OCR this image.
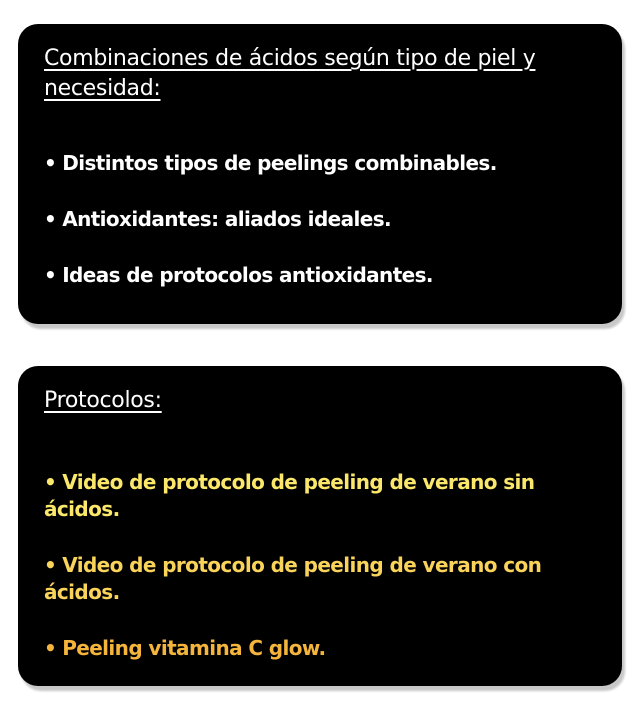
Combinaciones de ácidos según tipo de piel y necesidad:
• Distintos tipos de peelings combinables.
• Antioxidantes: aliados ideales.
• Ideas de protocolos antioxidantes.
Protocolos:
• Video de protocolo de peeling de verano sin ácidos.
• Video de protocolo de peeling de verano con ácidos.
• Peeling vitamina C glow.
